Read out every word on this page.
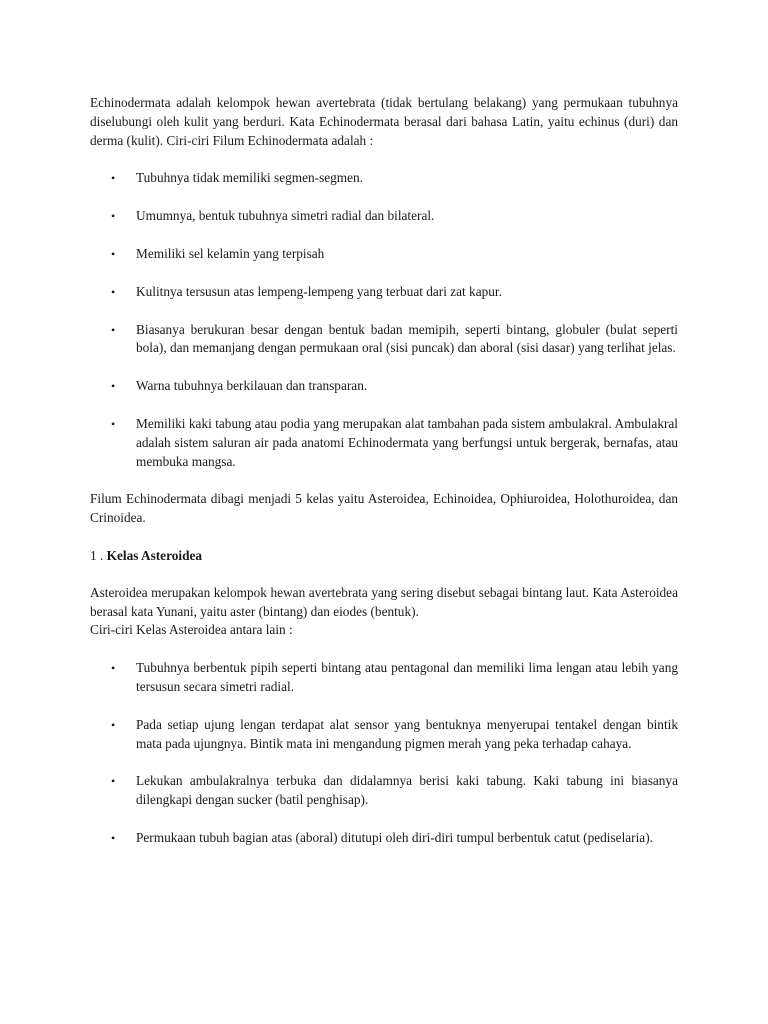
Echinodermata adalah kelompok hewan avertebrata (tidak bertulang belakang) yang permukaan tubuhnya diselubungi oleh kulit yang berduri. Kata Echinodermata berasal dari bahasa Latin, yaitu echinus (duri) dan derma (kulit). Ciri-ciri Filum Echinodermata adalah :

• Tubuhnya tidak memiliki segmen-segmen.
• Umumnya, bentuk tubuhnya simetri radial dan bilateral.
• Memiliki sel kelamin yang terpisah
• Kulitnya tersusun atas lempeng-lempeng yang terbuat dari zat kapur.
• Biasanya berukuran besar dengan bentuk badan memipih, seperti bintang, globuler (bulat seperti bola), dan memanjang dengan permukaan oral (sisi puncak) dan aboral (sisi dasar) yang terlihat jelas.
• Warna tubuhnya berkilauan dan transparan.
• Memiliki kaki tabung atau podia yang merupakan alat tambahan pada sistem ambulakral. Ambulakral adalah sistem saluran air pada anatomi Echinodermata yang berfungsi untuk bergerak, bernafas, atau membuka mangsa.

Filum Echinodermata dibagi menjadi 5 kelas yaitu Asteroidea, Echinoidea, Ophiuroidea, Holothuroidea, dan Crinoidea.

1 . Kelas Asteroidea

Asteroidea merupakan kelompok hewan avertebrata yang sering disebut sebagai bintang laut. Kata Asteroidea berasal kata Yunani, yaitu aster (bintang) dan eiodes (bentuk).

Ciri-ciri Kelas Asteroidea antara lain :

• Tubuhnya berbentuk pipih seperti bintang atau pentagonal dan memiliki lima lengan atau lebih yang tersusun secara simetri radial.
• Pada setiap ujung lengan terdapat alat sensor yang bentuknya menyerupai tentakel dengan bintik mata pada ujungnya. Bintik mata ini mengandung pigmen merah yang peka terhadap cahaya.
• Lekukan ambulakralnya terbuka dan didalamnya berisi kaki tabung. Kaki tabung ini biasanya dilengkapi dengan sucker (batil penghisap).
• Permukaan tubuh bagian atas (aboral) ditutupi oleh diri-diri tumpul berbentuk catut (pediselaria).
